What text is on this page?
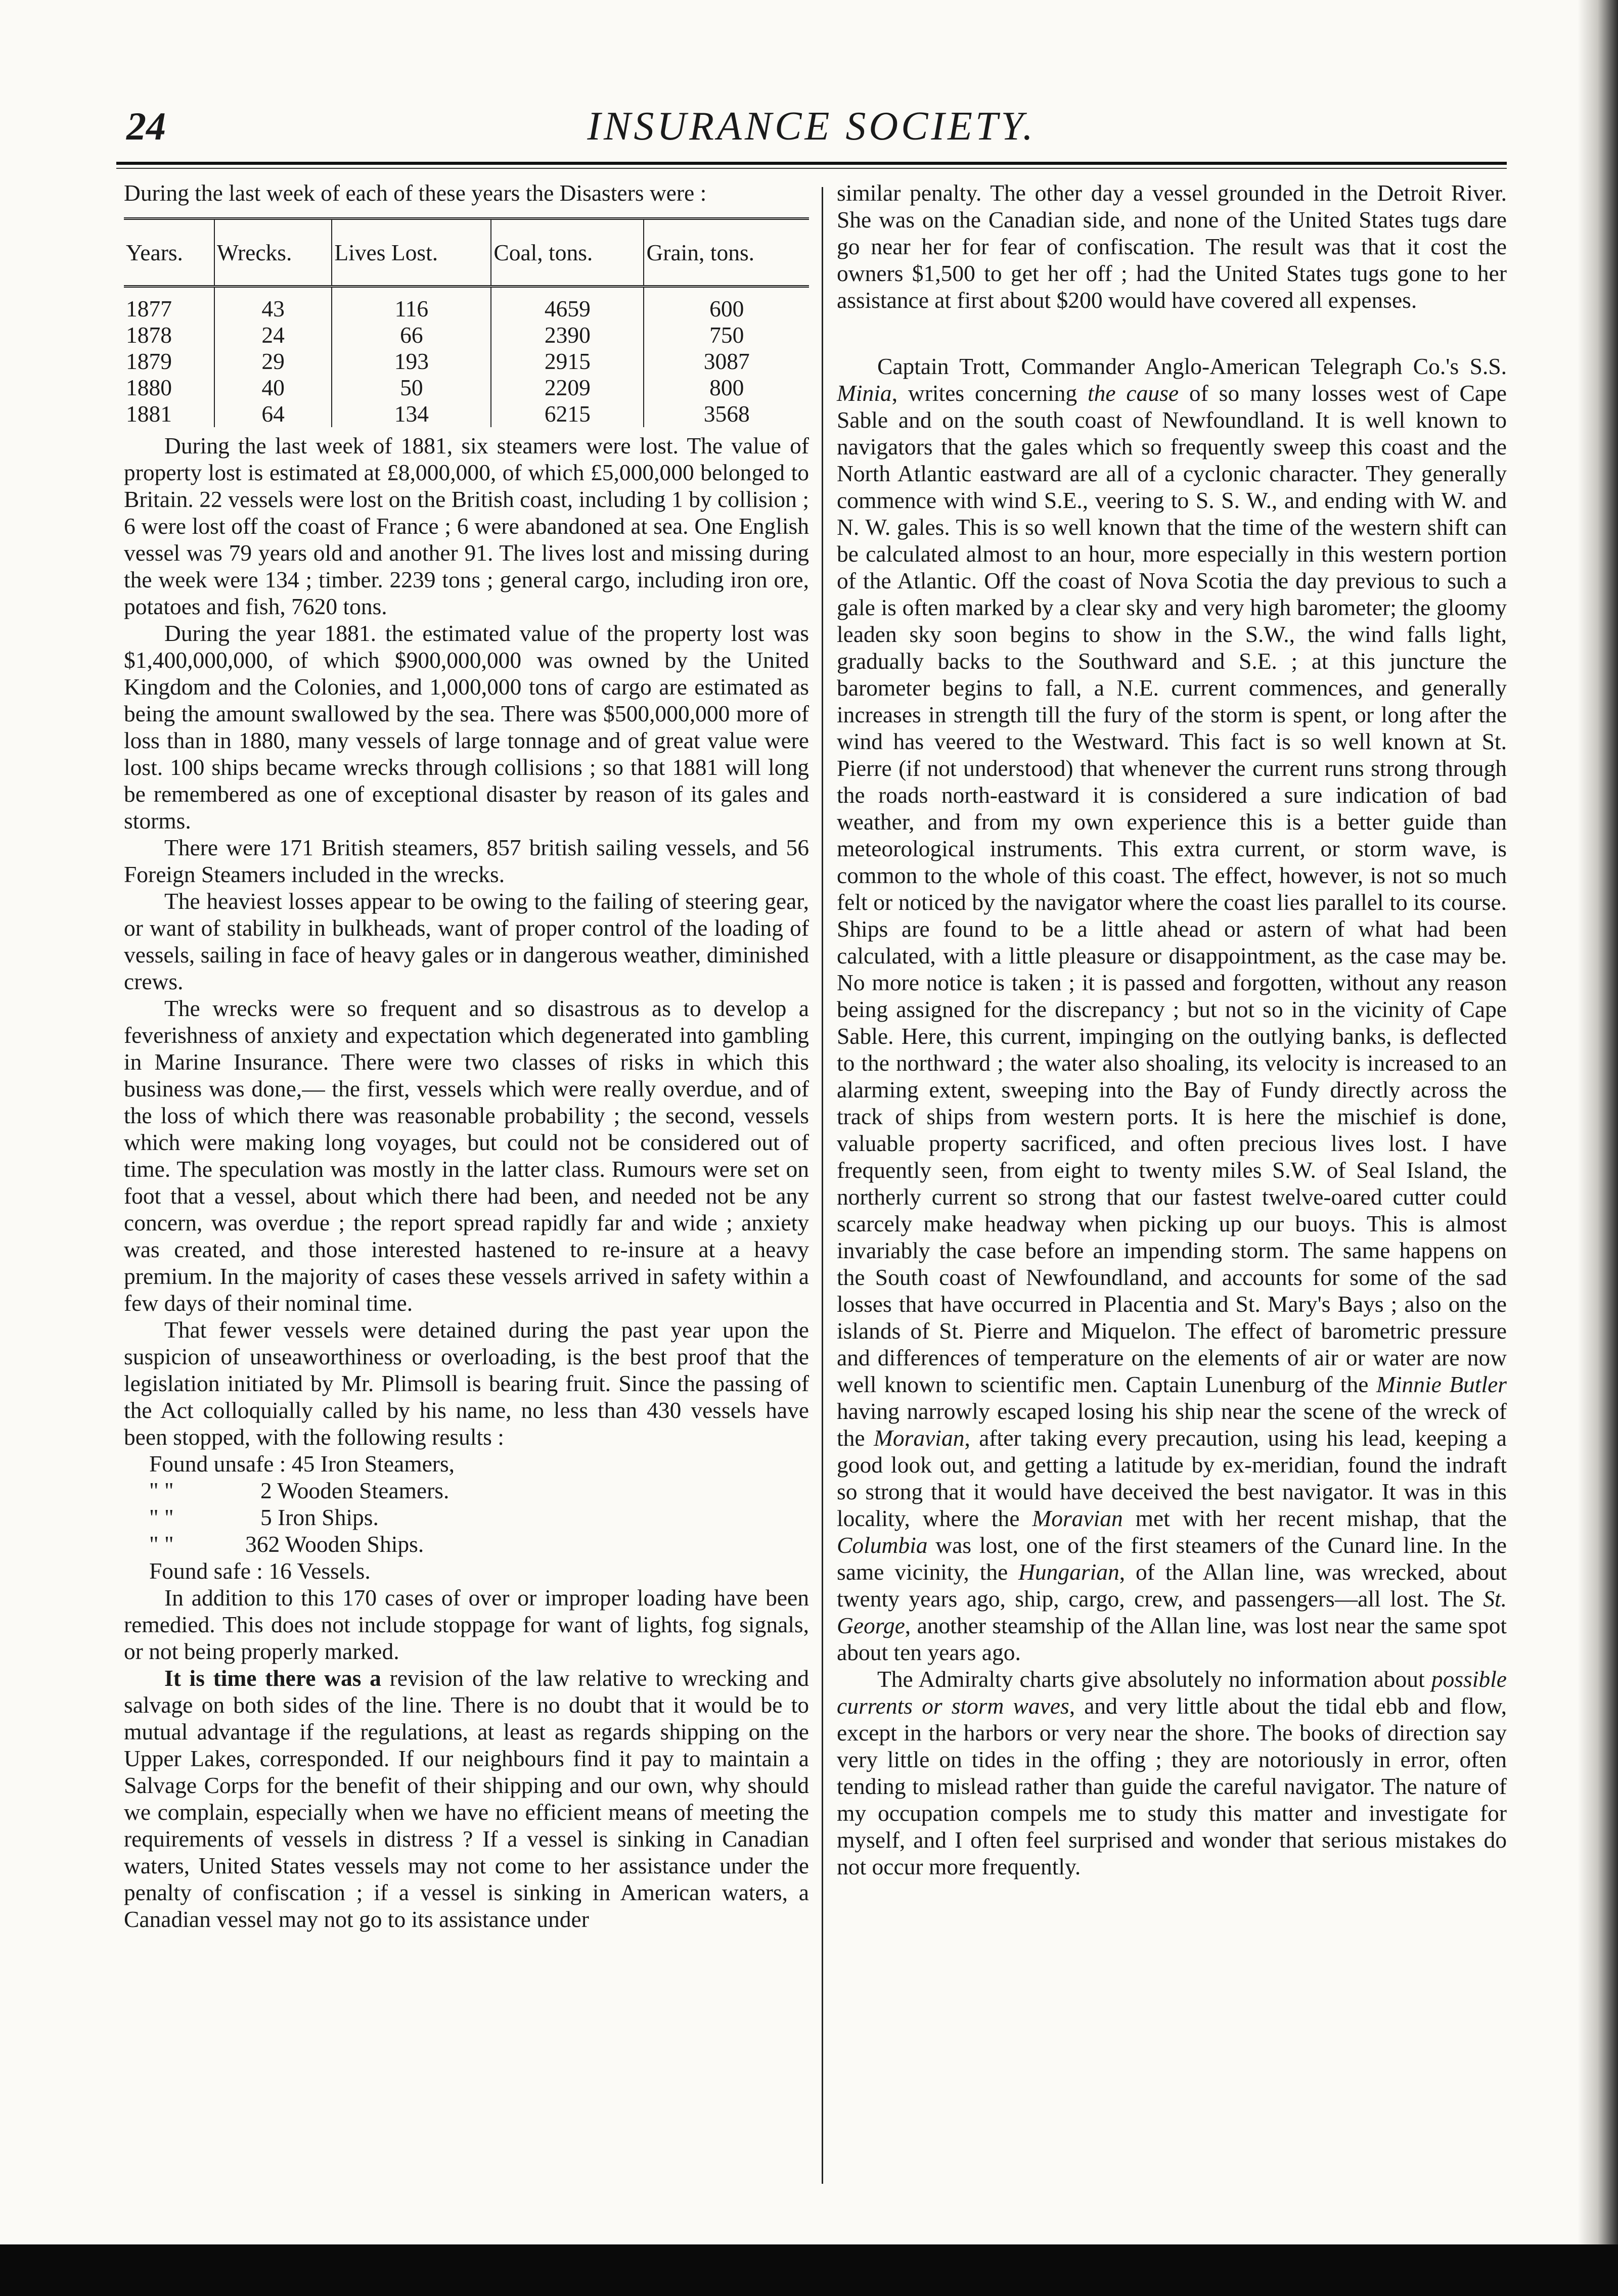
24	INSURANCE SOCIETY.

During the last week of each of these years the Disasters were :

Years.	Wrecks.	Lives Lost.	Coal, tons.	Grain, tons.

1877	43	116	4659	600
1878	24	66	2390	750
1879	29	193	2915	3087
1880	40	50	2209	800
1881	64	134	6215	3568

During the last week of 1881, six steamers were lost. The value of property lost is estimated at £8,000,000, of which £5,000,000 belonged to Britain. 22 vessels were lost on the British coast, including 1 by collision ; 6 were lost off the coast of France ; 6 were abandoned at sea. One English vessel was 79 years old and another 91. The lives lost and missing during the week were 134 ; timber. 2239 tons ; general cargo, including iron ore, potatoes and fish, 7620 tons.

During the year 1881. the estimated value of the property lost was $1,400,000,000, of which $900,000,000 was owned by the United Kingdom and the Colonies, and 1,000,000 tons of cargo are estimated as being the amount swallowed by the sea. There was $500,000,000 more of loss than in 1880, many vessels of large tonnage and of great value were lost. 100 ships became wrecks through collisions ; so that 1881 will long be remembered as one of exceptional disaster by reason of its gales and storms.

There were 171 British steamers, 857 british sailing vessels, and 56 Foreign Steamers included in the wrecks.

The heaviest losses appear to be owing to the failing of steering gear, or want of stability in bulkheads, want of proper control of the loading of vessels, sailing in face of heavy gales or in dangerous weather, diminished crews.

The wrecks were so frequent and so disastrous as to develop a feverishness of anxiety and expectation which degenerated into gambling in Marine Insurance. There were two classes of risks in which this business was done,— the first, vessels which were really overdue, and of the loss of which there was reasonable probability ; the second, vessels which were making long voyages, but could not be considered out of time. The speculation was mostly in the latter class. Rumours were set on foot that a vessel, about which there had been, and needed not be any concern, was overdue ; the report spread rapidly far and wide ; anxiety was created, and those interested hastened to re-insure at a heavy premium. In the majority of cases these vessels arrived in safety within a few days of their nominal time.

That fewer vessels were detained during the past year upon the suspicion of unseaworthiness or overloading, is the best proof that the legislation initiated by Mr. Plimsoll is bearing fruit. Since the passing of the Act colloquially called by his name, no less than 430 vessels have been stopped, with the following results :

Found unsafe : 45 Iron Steamers,
" "	2 Wooden Steamers.
" "	5 Iron Ships.
" "	362 Wooden Ships.
Found safe : 16 Vessels.

In addition to this 170 cases of over or improper loading have been remedied. This does not include stoppage for want of lights, fog signals, or not being properly marked.

It is time there was a revision of the law relative to wrecking and salvage on both sides of the line. There is no doubt that it would be to mutual advantage if the regulations, at least as regards shipping on the Upper Lakes, corresponded. If our neighbours find it pay to maintain a Salvage Corps for the benefit of their shipping and our own, why should we complain, especially when we have no efficient means of meeting the requirements of vessels in distress ? If a vessel is sinking in Canadian waters, United States vessels may not come to her assistance under the penalty of confiscation ; if a vessel is sinking in American waters, a Canadian vessel may not go to its assistance under

similar penalty. The other day a vessel grounded in the Detroit River. She was on the Canadian side, and none of the United States tugs dare go near her for fear of confiscation. The result was that it cost the owners $1,500 to get her off ; had the United States tugs gone to her assistance at first about $200 would have covered all expenses.

Captain Trott, Commander Anglo-American Telegraph Co.'s S.S. Minia, writes concerning the cause of so many losses west of Cape Sable and on the south coast of Newfoundland. It is well known to navigators that the gales which so frequently sweep this coast and the North Atlantic eastward are all of a cyclonic character. They generally commence with wind S.E., veering to S. S. W., and ending with W. and N. W. gales. This is so well known that the time of the western shift can be calculated almost to an hour, more especially in this western portion of the Atlantic. Off the coast of Nova Scotia the day previous to such a gale is often marked by a clear sky and very high barometer; the gloomy leaden sky soon begins to show in the S.W., the wind falls light, gradually backs to the Southward and S.E. ; at this juncture the barometer begins to fall, a N.E. current commences, and generally increases in strength till the fury of the storm is spent, or long after the wind has veered to the Westward. This fact is so well known at St. Pierre (if not understood) that whenever the current runs strong through the roads north-eastward it is considered a sure indication of bad weather, and from my own experience this is a better guide than meteorological instruments. This extra current, or storm wave, is common to the whole of this coast. The effect, however, is not so much felt or noticed by the navigator where the coast lies parallel to its course. Ships are found to be a little ahead or astern of what had been calculated, with a little pleasure or disappointment, as the case may be. No more notice is taken ; it is passed and forgotten, without any reason being assigned for the discrepancy ; but not so in the vicinity of Cape Sable. Here, this current, impinging on the outlying banks, is deflected to the northward ; the water also shoaling, its velocity is increased to an alarming extent, sweeping into the Bay of Fundy directly across the track of ships from western ports. It is here the mischief is done, valuable property sacrificed, and often precious lives lost. I have frequently seen, from eight to twenty miles S.W. of Seal Island, the northerly current so strong that our fastest twelve-oared cutter could scarcely make headway when picking up our buoys. This is almost invariably the case before an impending storm. The same happens on the South coast of Newfoundland, and accounts for some of the sad losses that have occurred in Placentia and St. Mary's Bays ; also on the islands of St. Pierre and Miquelon. The effect of barometric pressure and differences of temperature on the elements of air or water are now well known to scientific men. Captain Lunenburg of the Minnie Butler having narrowly escaped losing his ship near the scene of the wreck of the Moravian, after taking every precaution, using his lead, keeping a good look out, and getting a latitude by ex-meridian, found the indraft so strong that it would have deceived the best navigator. It was in this locality, where the Moravian met with her recent mishap, that the Columbia was lost, one of the first steamers of the Cunard line. In the same vicinity, the Hungarian, of the Allan line, was wrecked, about twenty years ago, ship, cargo, crew, and passengers—all lost. The St. George, another steamship of the Allan line, was lost near the same spot about ten years ago.

The Admiralty charts give absolutely no information about possible currents or storm waves, and very little about the tidal ebb and flow, except in the harbors or very near the shore. The books of direction say very little on tides in the offing ; they are notoriously in error, often tending to mislead rather than guide the careful navigator. The nature of my occupation compels me to study this matter and investigate for myself, and I often feel surprised and wonder that serious mistakes do not occur more frequently.
